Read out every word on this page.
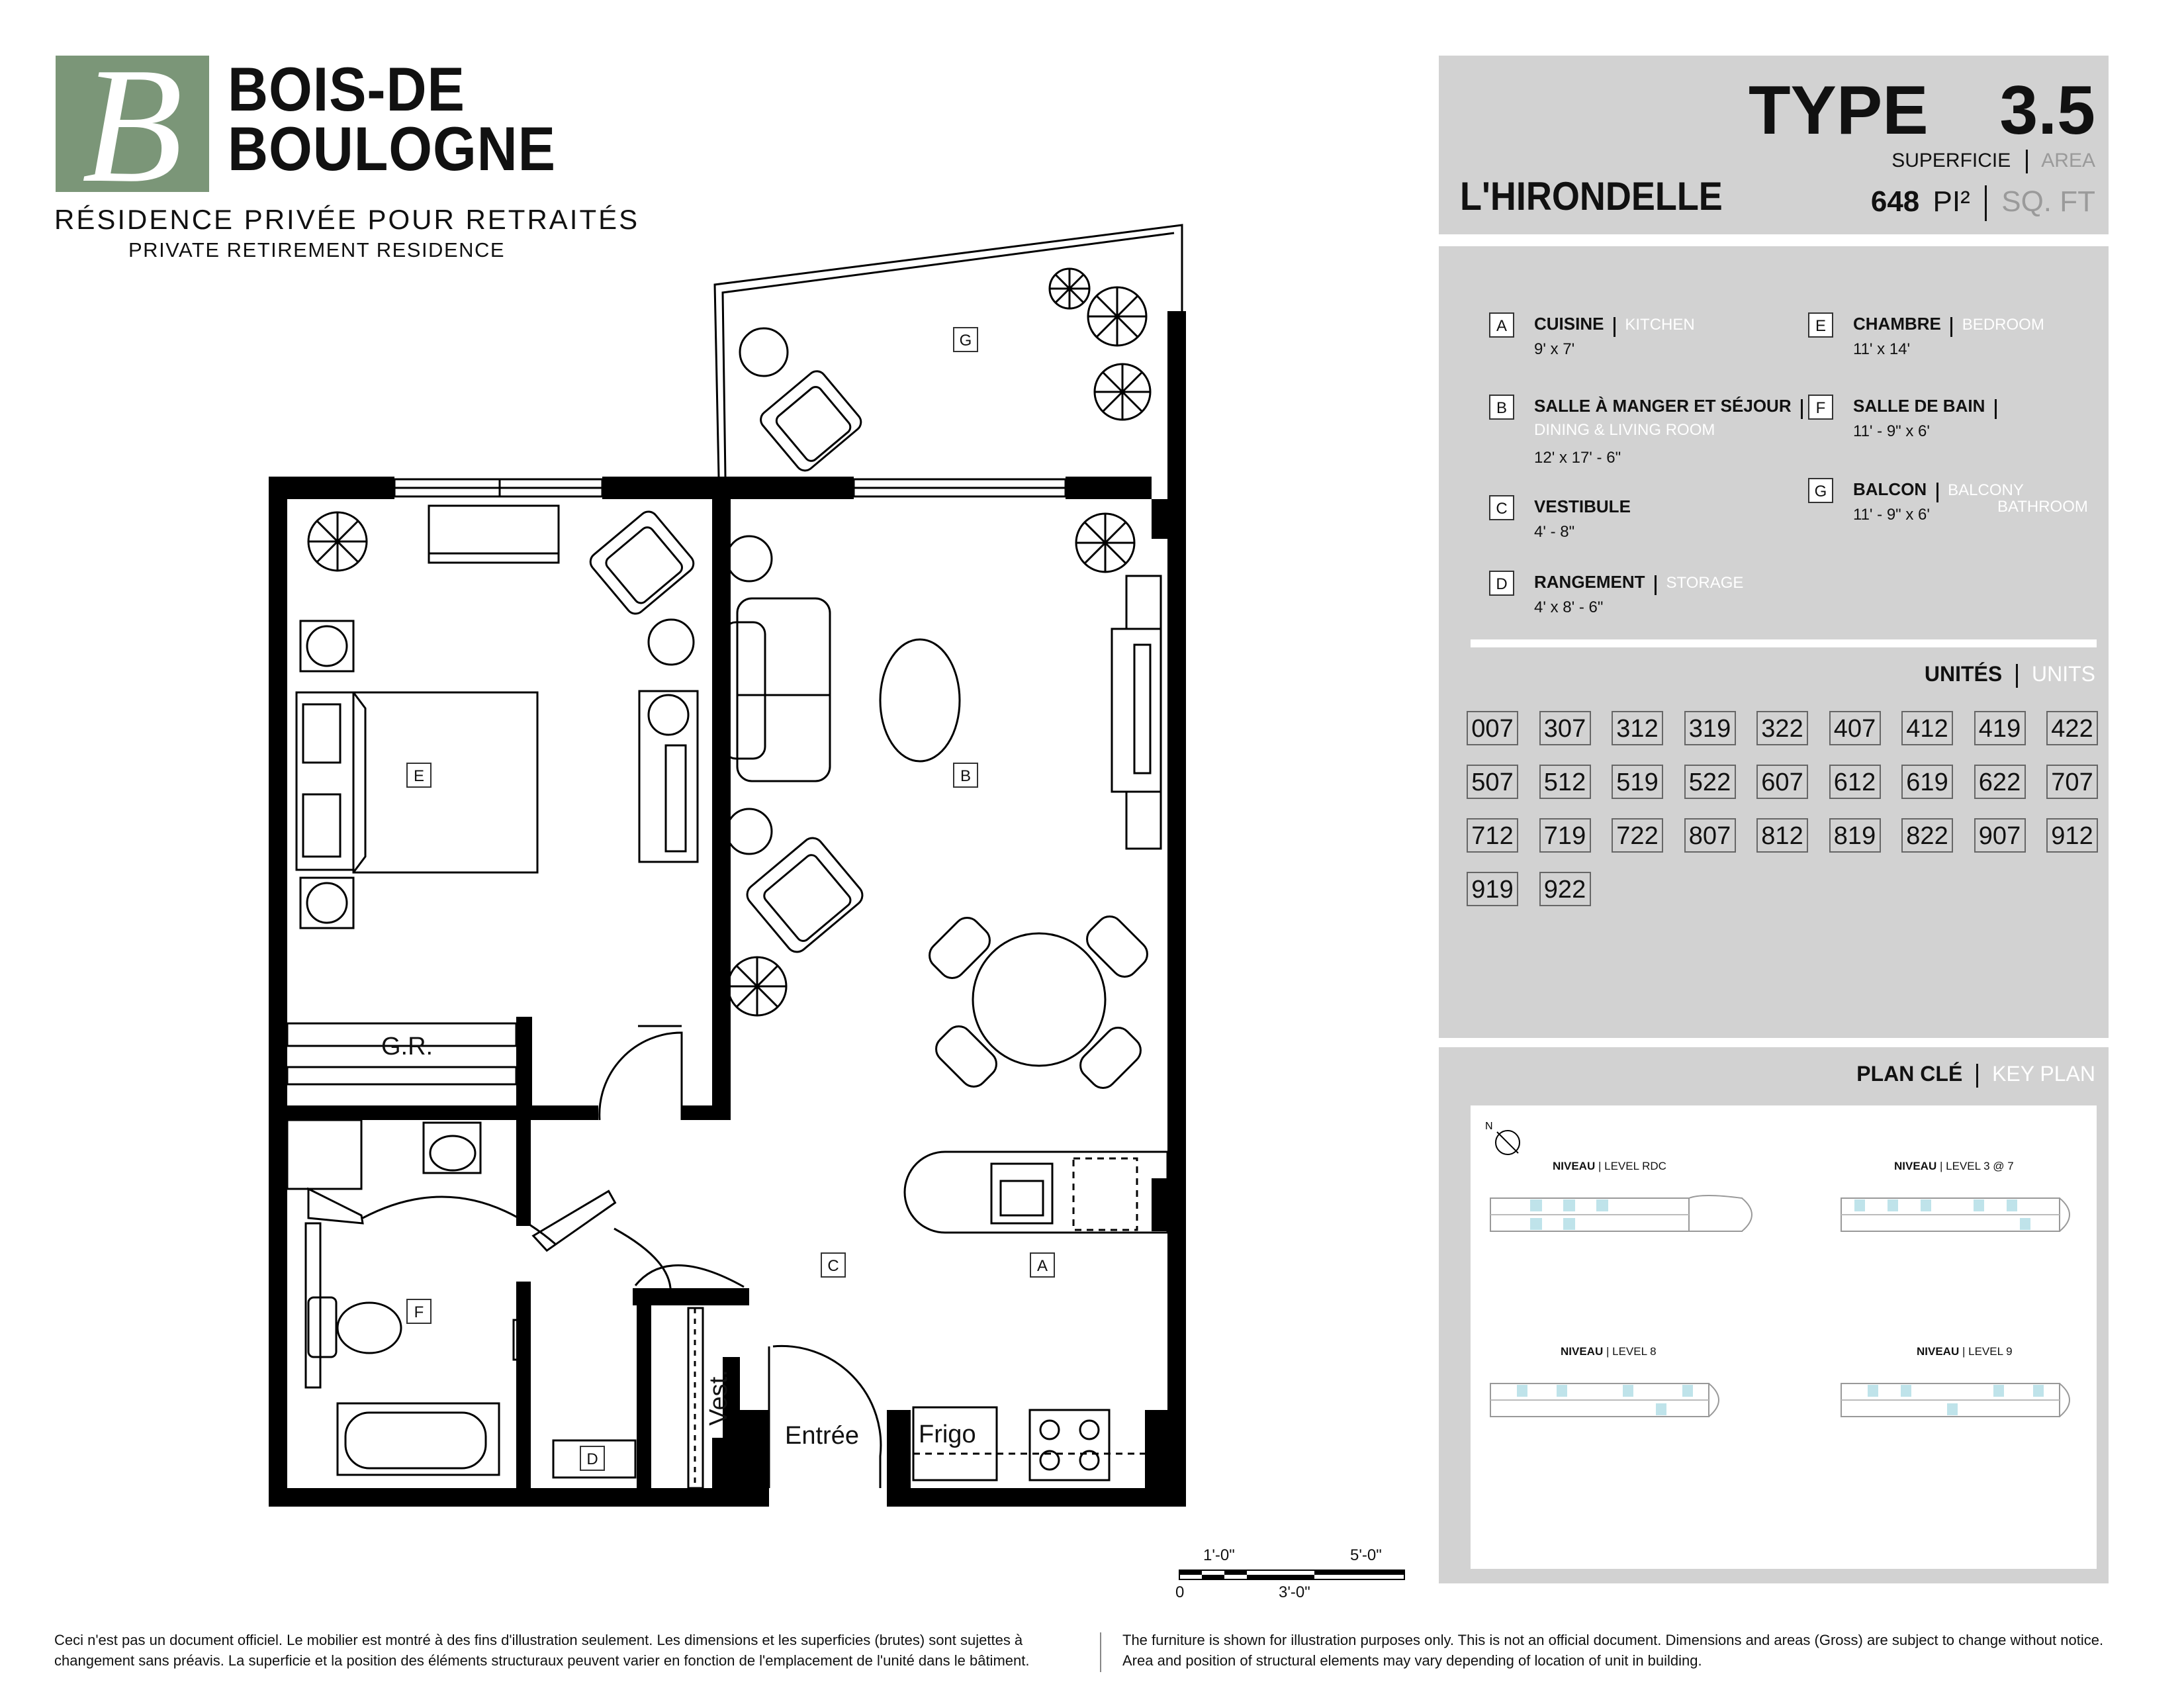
B BOIS-DE
BOULOGNE
RÉSIDENCE PRIVÉE POUR RETRAITÉS
PRIVATE RETIREMENT RESIDENCE
TYPE 3.5
SUPERFICIE AREA
648 PI² SQ. FT
L'HIRONDELLE
A	CUISINE KITCHEN
9' x 7'
B	SALLE À MANGER ET SÉJOUR
DINING & LIVING ROOM
12' x 17' - 6"
C	VESTIBULE
4' - 8"
D	RANGEMENT STORAGE
4' x 8' - 6"
E	CHAMBRE BEDROOM
11' x 14'
F	SALLE DE BAIN
11' - 9" x 6'
BATHROOM
G	BALCON BALCONY
11' - 9" x 6'
UNITÉS UNITS
007 307 312 319 322 407 412 419 422
507 512 519 522 607 612 619 622 707
712 719 722 807 812 819 822 907 912
919 922
PLAN CLÉ KEY PLAN
N
NIVEAU | LEVEL RDC	NIVEAU | LEVEL 3 @ 7
NIVEAU | LEVEL 8	NIVEAU | LEVEL 9
G
E	B
C	A
F
D
G.R.
Vest.
Entrée Frigo
1'-0"	5'-0"
0	3'-0"
Ceci n'est pas un document officiel. Le mobilier est montré à des fins d'illustration seulement. Les dimensions et les superficies (brutes) sont sujettes à
changement sans préavis. La superficie et la position des éléments structuraux peuvent varier en fonction de l'emplacement de l'unité dans le bâtiment.
The furniture is shown for illustration purposes only. This is not an official document. Dimensions and areas (Gross) are subject to change without notice.
Area and position of structural elements may vary depending of location of unit in building.
